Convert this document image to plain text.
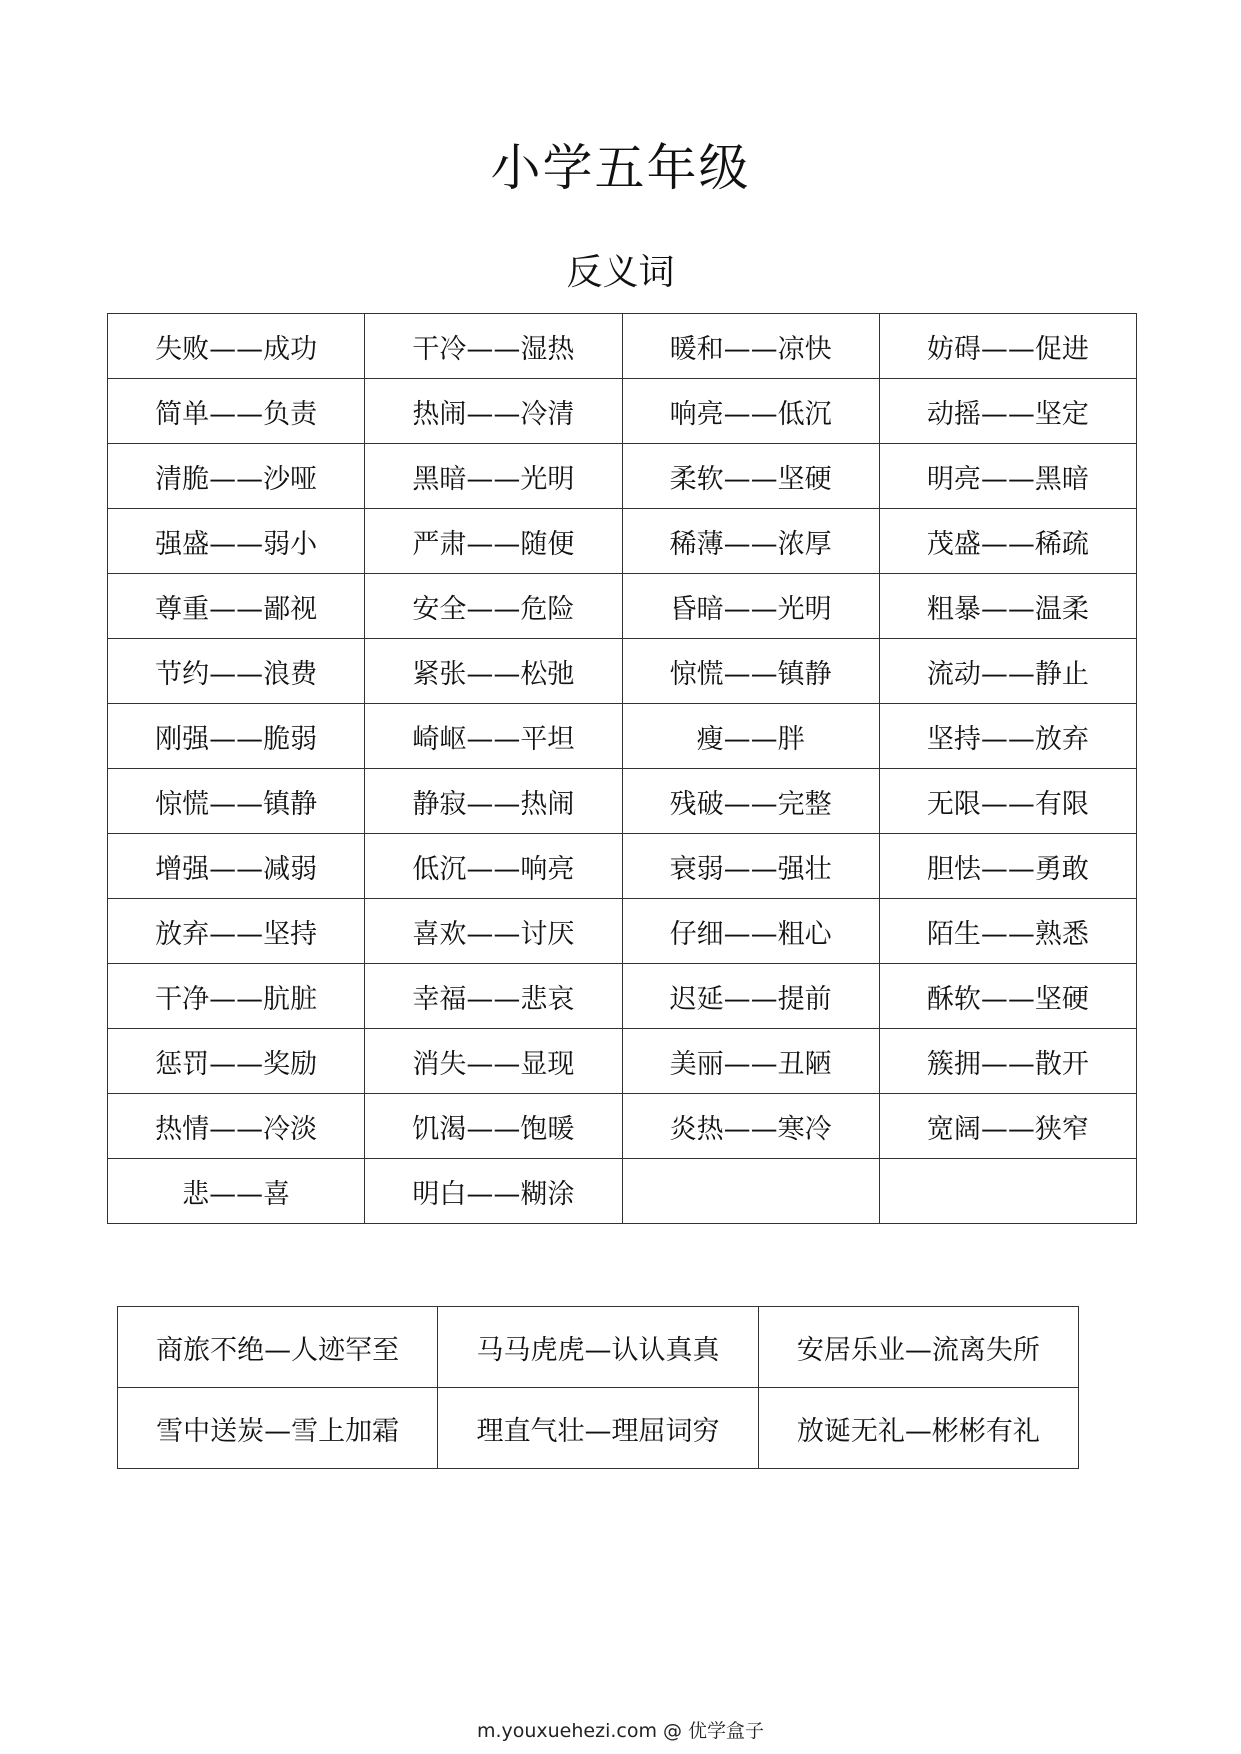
小学五年级
反义词
失败——成功	干冷——湿热	暖和——凉快	妨碍——促进
简单——负责	热闹——冷清	响亮——低沉	动摇——坚定
清脆——沙哑	黑暗——光明	柔软——坚硬	明亮——黑暗
强盛——弱小	严肃——随便	稀薄——浓厚	茂盛——稀疏
尊重——鄙视	安全——危险	昏暗——光明	粗暴——温柔
节约——浪费	紧张——松弛	惊慌——镇静	流动——静止
刚强——脆弱	崎岖——平坦	瘦——胖	坚持——放弃
惊慌——镇静	静寂——热闹	残破——完整	无限——有限
增强——减弱	低沉——响亮	衰弱——强壮	胆怯——勇敢
放弃——坚持	喜欢——讨厌	仔细——粗心	陌生——熟悉
干净——肮脏	幸福——悲哀	迟延——提前	酥软——坚硬
惩罚——奖励	消失——显现	美丽——丑陋	簇拥——散开
热情——冷淡	饥渴——饱暖	炎热——寒冷	宽阔——狭窄
悲——喜	明白——糊涂		
商旅不绝—人迹罕至	马马虎虎—认认真真	安居乐业—流离失所
雪中送炭—雪上加霜	理直气壮—理屈词穷	放诞无礼—彬彬有礼
m.youxuehezi.com @ 优学盒子
